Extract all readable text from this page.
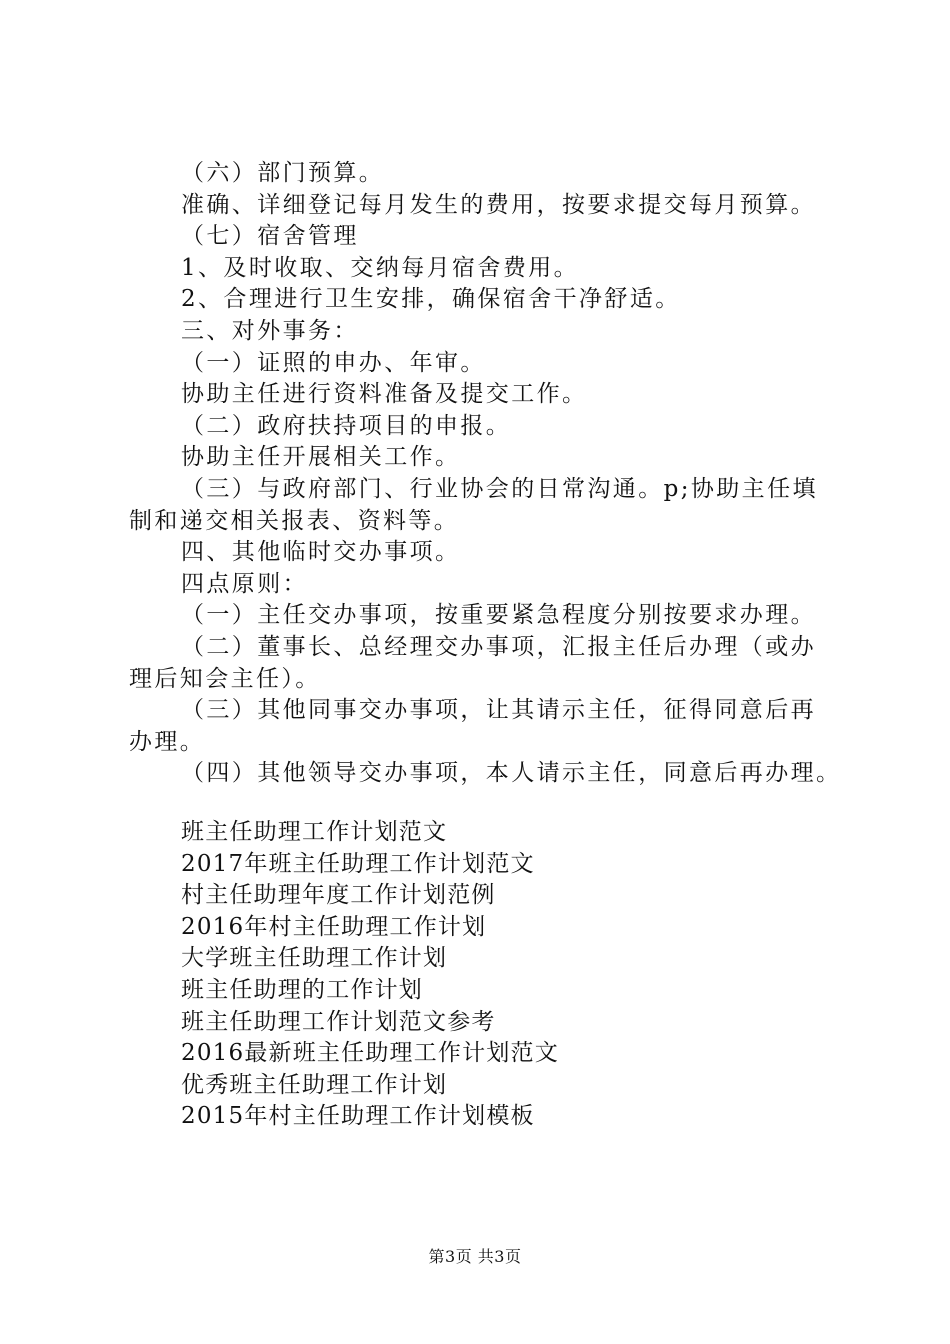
（六）部门预算。
准确、详细登记每月发生的费用，按要求提交每月预算。
（七）宿舍管理
1、及时收取、交纳每月宿舍费用。
2、合理进行卫生安排，确保宿舍干净舒适。
三、对外事务：
（一）证照的申办、年审。
协助主任进行资料准备及提交工作。
（二）政府扶持项目的申报。
协助主任开展相关工作。
（三）与政府部门、行业协会的日常沟通。p;协助主任填
制和递交相关报表、资料等。
四、其他临时交办事项。
四点原则：
（一）主任交办事项，按重要紧急程度分别按要求办理。
（二）董事长、总经理交办事项，汇报主任后办理（或办
理后知会主任）。
（三）其他同事交办事项，让其请示主任，征得同意后再
办理。
（四）其他领导交办事项，本人请示主任，同意后再办理。
班主任助理工作计划范文
2017年班主任助理工作计划范文
村主任助理年度工作计划范例
2016年村主任助理工作计划
大学班主任助理工作计划
班主任助理的工作计划
班主任助理工作计划范文参考
2016最新班主任助理工作计划范文
优秀班主任助理工作计划
2015年村主任助理工作计划模板
第3页 共3页
